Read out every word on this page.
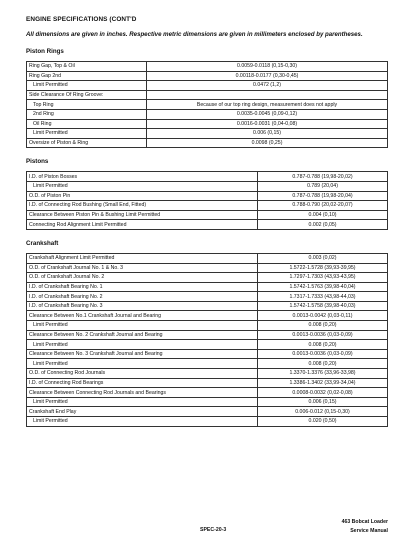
ENGINE SPECIFICATIONS (CONT'D
All dimensions are given in inches. Respective metric dimensions are given in millimeters enclosed by parentheses.
Piston Rings
Ring Gap, Top & Oil	0.0059-0.0118 (0,15-0,30)
Ring Gap 2nd	0.00118-0.0177 (0,30-0,45)
Limit Permitted	0.0472 (1,2)
Side Clearance Of Ring Groove:	
Top Ring	Because of our top ring design, measurement does not apply
2nd Ring	0.0035-0.0045 (0,09-0,12)
Oil Ring	0.0016-0.0031 (0,04-0,08)
Limit Permitted	0.006 (0,15)
Oversize of Piston & Ring	0.0098 (0,25)
Pistons
I.D. of Piston Bosses	0.787-0.788 (19,98-20,02)
Limit Permitted	0.789 (20,04)
O.D. of Piston Pin	0.787-0.788 (19,98-20,04)
I.D. of Connecting Rod Bushing (Small End, Fitted)	0.788-0.790 (20,02-20,07)
Clearance Between Piston Pin & Bushing Limit Permitted	0.004 (0,10)
Connecting Rod Alignment Limit Permitted	0.002 (0,05)
Crankshaft
Crankshaft Alignment Limit Permitted	0.003 (0,02)
O.D. of Crankshaft Journal No. 1 & No. 3	1.5722-1.5728 (39,93-39,95)
O.D. of Crankshaft Journal No. 2	1.7297-1.7303 (43,93-43,95)
I.D. of Crankshaft Bearing No. 1	1.5742-1.5763 (39,98-40,04)
I.D. of Crankshaft Bearing No. 2	1.7317-1.7333 (43,98-44,03)
I.D. of Crankshaft Bearing No. 3	1.5742-1.5758 (39,98-40,03)
Clearance Between No.1 Crankshaft Journal and Bearing	0.0013-0.0042 (0,03-0,11)
Limit Permitted	0.008 (0,20)
Clearance Between No. 2 Crankshaft Journal and Bearing	0.0013-0.0036 (0,03-0,09)
Limit Permitted	0.008 (0,20)
Clearance Between No. 3 Crankshaft Journal and Bearing	0.0013-0.0036 (0,03-0,09)
Limit Permitted	0.008 (0,20)
O.D. of Connecting Rod Journals	1.3370-1.3376 (33,96-33,98)
I.D. of Connecting Rod Bearings	1.3386-1.3402 (33,99-34,04)
Clearance Between Connecting Rod Journals and Bearings	0.0008-0.0032 (0,02-0,08)
Limit Permitted	0.006 (0,15)
Crankshaft End Play	0.006-0.012 (0,15-0,30)
Limit Permitted	0.020 (0,50)
SPEC-20-3
463 Bobcat Loader
Service Manual
